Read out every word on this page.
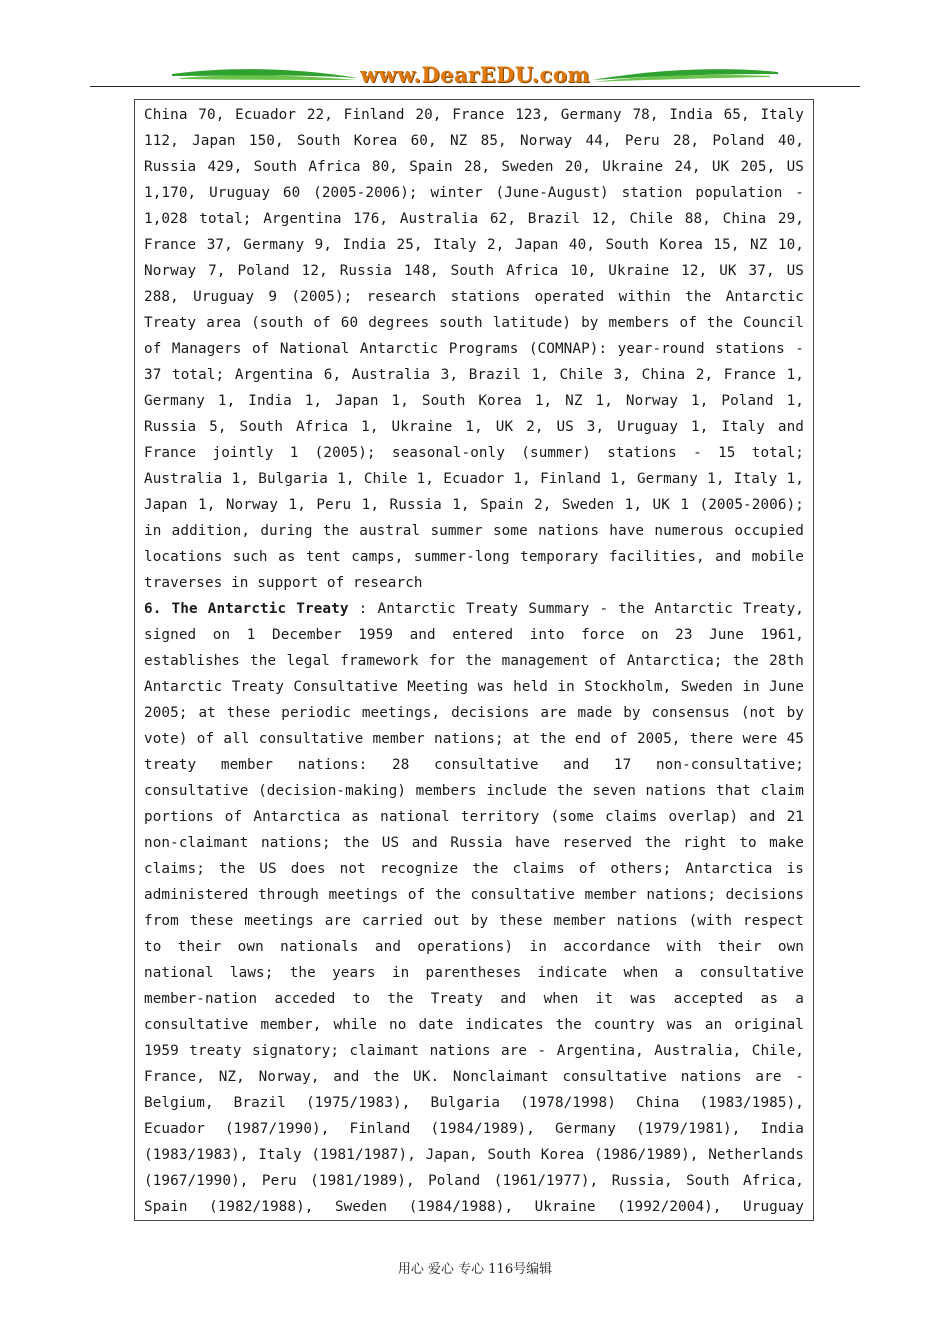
www.DearEDU.com

China 70, Ecuador 22, Finland 20, France 123, Germany 78, India 65, Italy 112, Japan 150, South Korea 60, NZ 85, Norway 44, Peru 28, Poland 40, Russia 429, South Africa 80, Spain 28, Sweden 20, Ukraine 24, UK 205, US 1,170, Uruguay 60 (2005-2006); winter (June-August) station population - 1,028 total; Argentina 176, Australia 62, Brazil 12, Chile 88, China 29, France 37, Germany 9, India 25, Italy 2, Japan 40, South Korea 15, NZ 10, Norway 7, Poland 12, Russia 148, South Africa 10, Ukraine 12, UK 37, US 288, Uruguay 9 (2005); research stations operated within the Antarctic Treaty area (south of 60 degrees south latitude) by members of the Council of Managers of National Antarctic Programs (COMNAP): year-round stations - 37 total; Argentina 6, Australia 3, Brazil 1, Chile 3, China 2, France 1, Germany 1, India 1, Japan 1, South Korea 1, NZ 1, Norway 1, Poland 1, Russia 5, South Africa 1, Ukraine 1, UK 2, US 3, Uruguay 1, Italy and France jointly 1 (2005); seasonal-only (summer) stations - 15 total; Australia 1, Bulgaria 1, Chile 1, Ecuador 1, Finland 1, Germany 1, Italy 1, Japan 1, Norway 1, Peru 1, Russia 1, Spain 2, Sweden 1, UK 1 (2005-2006); in addition, during the austral summer some nations have numerous occupied locations such as tent camps, summer-long temporary facilities, and mobile traverses in support of research

6. The Antarctic Treaty : Antarctic Treaty Summary - the Antarctic Treaty, signed on 1 December 1959 and entered into force on 23 June 1961, establishes the legal framework for the management of Antarctica; the 28th Antarctic Treaty Consultative Meeting was held in Stockholm, Sweden in June 2005; at these periodic meetings, decisions are made by consensus (not by vote) of all consultative member nations; at the end of 2005, there were 45 treaty member nations: 28 consultative and 17 non-consultative; consultative (decision-making) members include the seven nations that claim portions of Antarctica as national territory (some claims overlap) and 21 non-claimant nations; the US and Russia have reserved the right to make claims; the US does not recognize the claims of others; Antarctica is administered through meetings of the consultative member nations; decisions from these meetings are carried out by these member nations (with respect to their own nationals and operations) in accordance with their own national laws; the years in parentheses indicate when a consultative member-nation acceded to the Treaty and when it was accepted as a consultative member, while no date indicates the country was an original 1959 treaty signatory; claimant nations are - Argentina, Australia, Chile, France, NZ, Norway, and the UK. Nonclaimant consultative nations are - Belgium, Brazil (1975/1983), Bulgaria (1978/1998) China (1983/1985), Ecuador (1987/1990), Finland (1984/1989), Germany (1979/1981), India (1983/1983), Italy (1981/1987), Japan, South Korea (1986/1989), Netherlands (1967/1990), Peru (1981/1989), Poland (1961/1977), Russia, South Africa, Spain (1982/1988), Sweden (1984/1988), Ukraine (1992/2004), Uruguay

用心 爱心 专心 116号编辑
